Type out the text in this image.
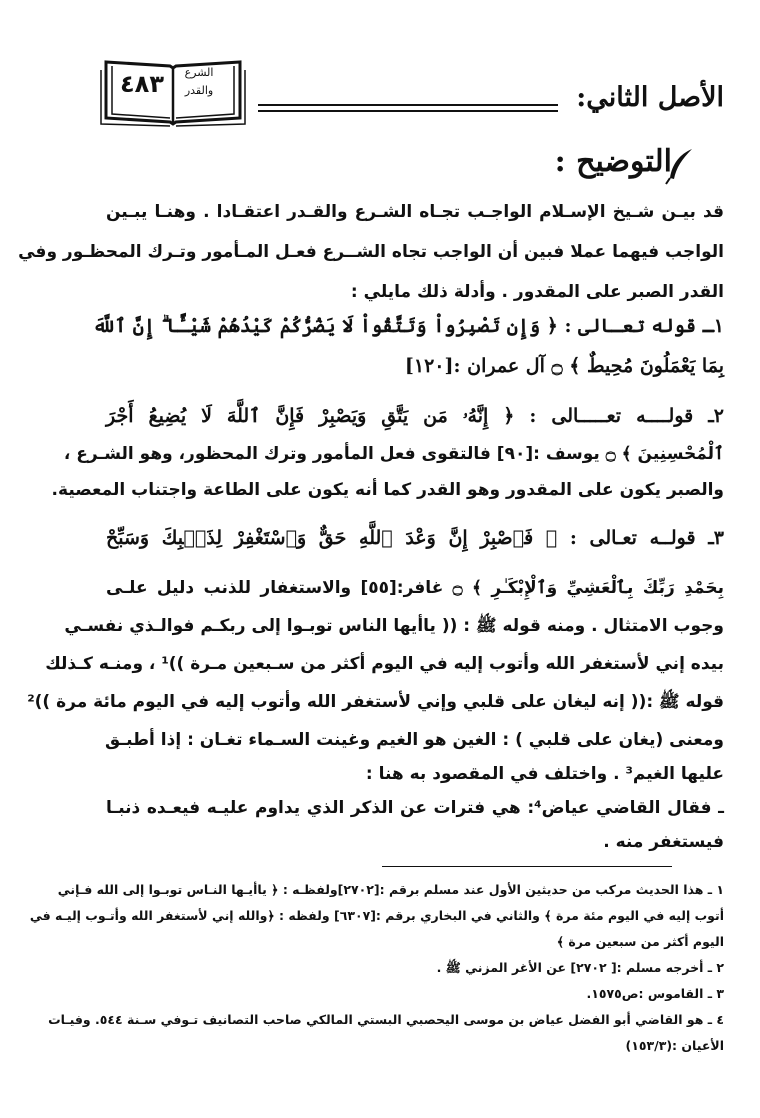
٤٨٣	الشرع
والقدر	الأصل الثاني:
التوضيح :
قد بيـن شـيخ الإسـلام الواجـب تجـاه الشـرع والقـدر اعتقـادا . وهنـا يبـين
الواجب فيهما عملا فبين أن الواجب تجاه الشــرع فعـل المـأمور وتـرك المحظـور وفي
القدر الصبر على المقدور . وأدلة ذلك مايلي :
١ـ قوله تعـالى : ﴿ وَإِن تَصْبِرُواْ وَتَتَّقُواْ لَا يَضُرُّكُمْ كَيْدُهُمْ شَيْـًٔا ۗ إِنَّ ٱللَّهَ
بِمَا يَعْمَلُونَ مُحِيطٌ ﴾ ۝ آل عمران :[١٢٠]
٢ـ قولــــه تعـــــالى : ﴿ إِنَّهُۥ مَن يَتَّقِ وَيَصْبِرْ فَإِنَّ ٱللَّهَ لَا يُضِيعُ أَجْرَ
ٱلْمُحْسِنِينَ ﴾ ۝ يوسف :[٩٠] فالتقوى فعل المأمور وترك المحظور، وهو الشـرع ،
والصبر يكون على المقدور وهو القدر كما أنه يكون على الطاعة واجتناب المعصية.
٣ـ قولــه تعـالى : ﴿ فَٱصْبِرْ إِنَّ وَعْدَ ٱللَّهِ حَقٌّ وَٱسْتَغْفِرْ لِذَنۢبِكَ وَسَبِّحْ
بِحَمْدِ رَبِّكَ بِٱلْعَشِيِّ وَٱلْإِبْكَـٰرِ ﴾ ۝ غافر:[٥٥] والاستغفار للذنب دليل علـى
وجوب الامتثال . ومنه قوله ﷺ : (( ياأيها الناس توبـوا إلى ربكـم فوالـذي نفسـي
بيده إني لأستغفر الله وأتوب إليه في اليوم أكثر من سـبعين مـرة ))¹ ، ومنـه كـذلك
قوله ﷺ :(( إنه ليغان على قلبي وإني لأستغفر الله وأتوب إليه في اليوم مائة مرة ))²
ومعنى (يغان على قلبي ) : الغين هو الغيم وغينت السـماء تغـان : إذا أطبـق
عليها الغيم³ . واختلف في المقصود به هنا :
ـ فقال القاضي عياض⁴: هي فترات عن الذكر الذي يداوم عليـه فيعـده ذنبـا
فيستغفر منه .
١ ـ هذا الحديث مركب من حديثين الأول عند مسلم برقم :[٢٧٠٢]ولفظـه : ﴿ ياأيـها النـاس توبـوا إلى الله فـإني
أتوب إليه في اليوم مئة مرة ﴾ والثاني في البخاري برقم :[٦٣٠٧] ولفظه : ﴿والله إني لأستغفر الله وأتـوب إليـه في
اليوم أكثر من سبعين مرة ﴾
٢ ـ أخرجه مسلم :[ ٢٧٠٢] عن الأغر المزني ﷺ .
٣ ـ القاموس :ص١٥٧٥.
٤ ـ هو القاضي أبو الفضل عياض بن موسى اليحصبي البستي المالكي صاحب التصانيف تـوفي سـنة ٥٤٤. وفيـات
الأعيان :(١٥٣/٣)
